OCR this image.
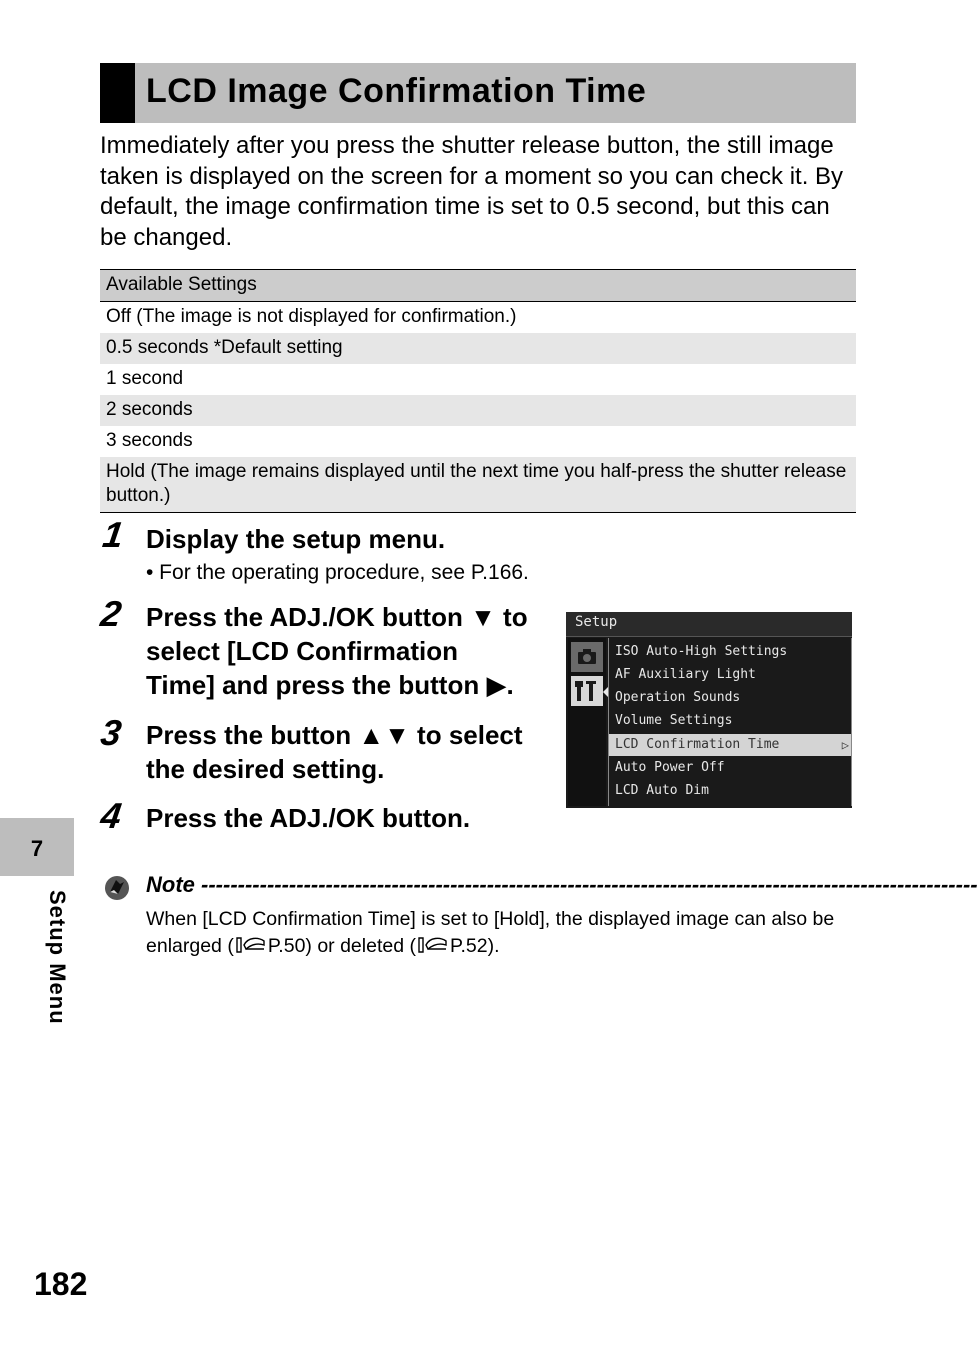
LCD Image Confirmation Time
Immediately after you press the shutter release button, the still image taken is displayed on the screen for a moment so you can check it. By default, the image confirmation time is set to 0.5 second, but this can be changed.
Available Settings
Off (The image is not displayed for confirmation.)
0.5 seconds *Default setting
1 second
2 seconds
3 seconds
Hold (The image remains displayed until the next time you half-press the shutter release button.)
1 Display the setup menu.
• For the operating procedure, see P.166.
2 Press the ADJ./OK button ▼ to
select [LCD Confirmation
Time] and press the button ▶.
3 Press the button ▲▼ to select
the desired setting.
4 Press the ADJ./OK button.
Setup
ISO Auto-High Settings
AF Auxiliary Light
Operation Sounds
Volume Settings
LCD Confirmation Time	▷
Auto Power Off
LCD Auto Dim
7
Setup Menu
Note ----------------------------------------------------------------------------------------------------------
When [LCD Confirmation Time] is set to [Hold], the displayed image can also be enlarged ( P.50) or deleted ( P.52).
182
